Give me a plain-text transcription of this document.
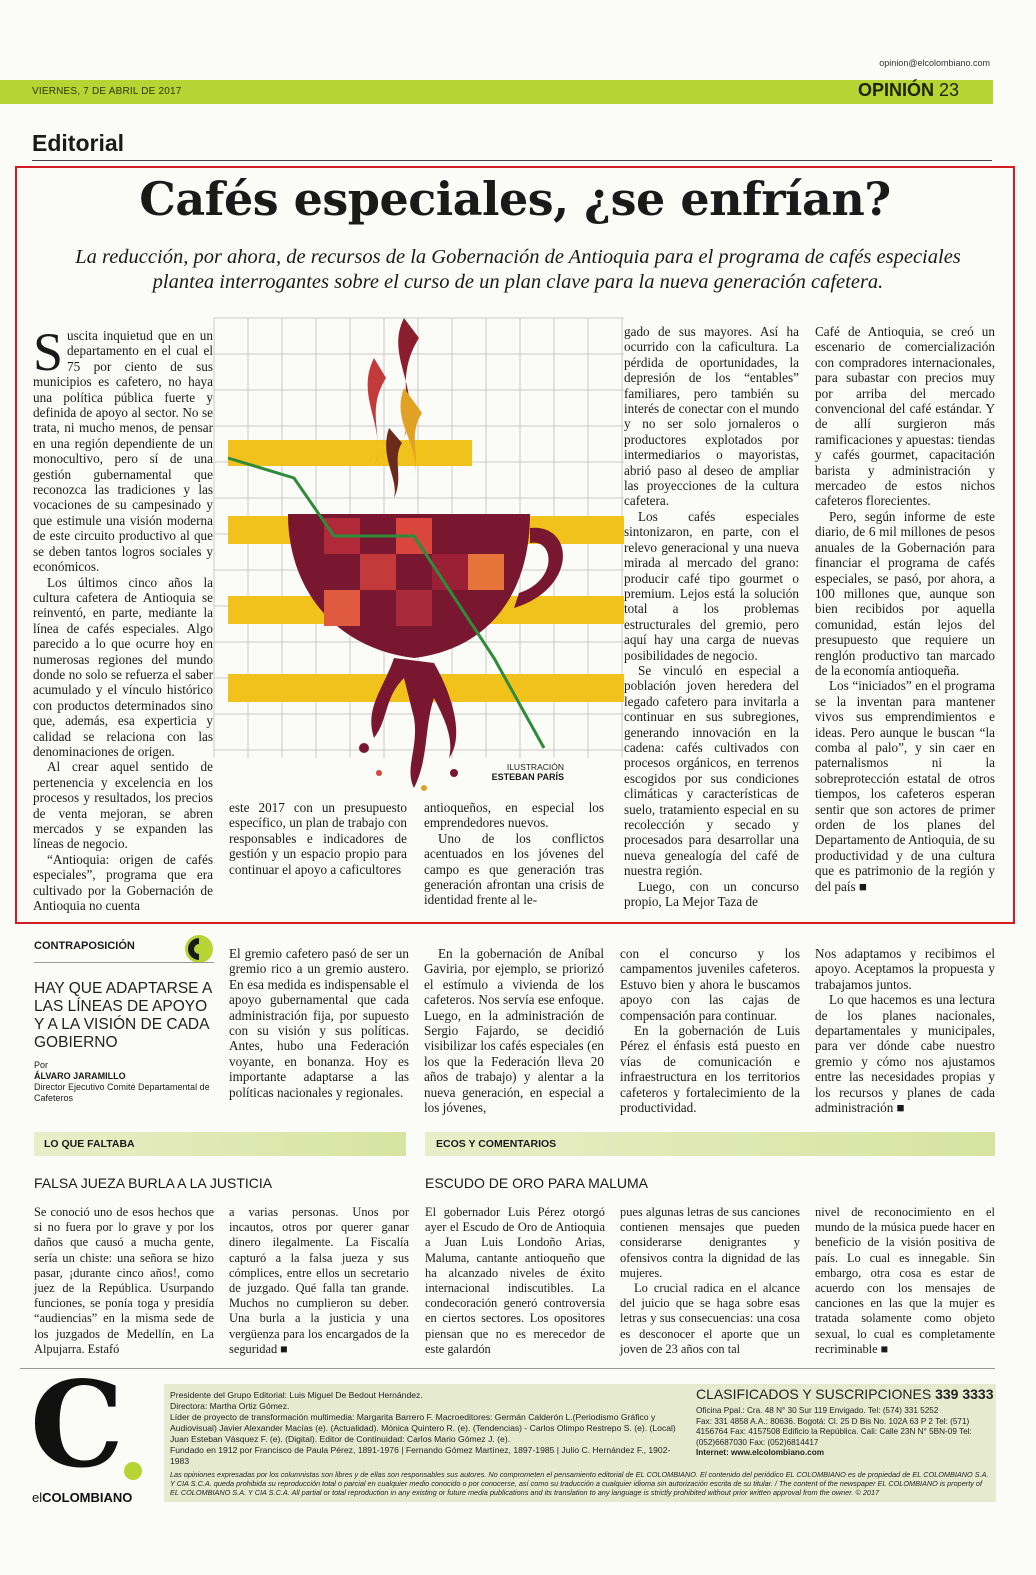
opinion@elcolombiano.com
VIERNES, 7 DE ABRIL DE 2017	OPINIÓN 23
Editorial
Cafés especiales, ¿se enfrían?
La reducción, por ahora, de recursos de la Gobernación de Antioquia para el programa de cafés especiales plantea interrogantes sobre el curso de un plan clave para la nueva generación cafetera.
ILUSTRACIÓN
ESTEBAN PARÍS

Suscita inquietud que en un departamento en el cual el 75 por ciento de sus municipios es cafetero, no haya una política pública fuerte y definida de apoyo al sector. No se trata, ni mucho menos, de pensar en una región dependiente de un monocultivo, pero sí de una gestión gubernamental que reconozca las tradiciones y las vocaciones de su campesinado y que estimule una visión moderna de este circuito productivo al que se deben tantos logros sociales y económicos.

Los últimos cinco años la cultura cafetera de Antioquia se reinventó, en parte, mediante la línea de cafés especiales. Algo parecido a lo que ocurre hoy en numerosas regiones del mundo donde no solo se refuerza el saber acumulado y el vínculo histórico con productos determinados sino que, además, esa experticia y calidad se relaciona con las denominaciones de origen.

Al crear aquel sentido de pertenencia y excelencia en los procesos y resultados, los precios de venta mejoran, se abren mercados y se expanden las líneas de negocio.

“Antioquia: origen de cafés especiales”, programa que era cultivado por la Gobernación de Antioquia no cuenta

este 2017 con un presupuesto específico, un plan de trabajo con responsables e indicadores de gestión y un espacio propio para continuar el apoyo a caficultores

antioqueños, en especial los emprendedores nuevos.

Uno de los conflictos acentuados en los jóvenes del campo es que generación tras generación afrontan una crisis de identidad frente al le-

gado de sus mayores. Así ha ocurrido con la caficultura. La pérdida de oportunidades, la depresión de los “entables” familiares, pero también su interés de conectar con el mundo y no ser solo jornaleros o productores explotados por intermediarios o mayoristas, abrió paso al deseo de ampliar las proyecciones de la cultura cafetera.

Los cafés especiales sintonizaron, en parte, con el relevo generacional y una nueva mirada al mercado del grano: producir café tipo gourmet o premium. Lejos está la solución total a los problemas estructurales del gremio, pero aquí hay una carga de nuevas posibilidades de negocio.

Se vinculó en especial a población joven heredera del legado cafetero para invitarla a continuar en sus subregiones, generando innovación en la cadena: cafés cultivados con procesos orgánicos, en terrenos escogidos por sus condiciones climáticas y características de suelo, tratamiento especial en su recolección y secado y procesados para desarrollar una nueva genealogía del café de nuestra región.

Luego, con un concurso propio, La Mejor Taza de

Café de Antioquia, se creó un escenario de comercialización con compradores internacionales, para subastar con precios muy por arriba del mercado convencional del café estándar. Y de allí surgieron más ramificaciones y apuestas: tiendas y cafés gourmet, capacitación barista y administración y mercadeo de estos nichos cafeteros florecientes.

Pero, según informe de este diario, de 6 mil millones de pesos anuales de la Gobernación para financiar el programa de cafés especiales, se pasó, por ahora, a 100 millones que, aunque son bien recibidos por aquella comunidad, están lejos del presupuesto que requiere un renglón productivo tan marcado de la economía antioqueña.

Los “iniciados” en el programa se la inventan para mantener vivos sus emprendimientos e ideas. Pero aunque le buscan “la comba al palo”, y sin caer en paternalismos ni la sobreprotección estatal de otros tiempos, los cafeteros esperan sentir que son actores de primer orden de los planes del Departamento de Antioquia, de su productividad y de una cultura que es patrimonio de la región y del país ■

CONTRAPOSICIÓN
HAY QUE ADAPTARSE A LAS LÍNEAS DE APOYO Y A LA VISIÓN DE CADA GOBIERNO
Por
ÁLVARO JARAMILLO
Director Ejecutivo Comité Departamental de Cafeteros

El gremio cafetero pasó de ser un gremio rico a un gremio austero. En esa medida es indispensable el apoyo gubernamental que cada administración fija, por supuesto con su visión y sus políticas. Antes, hubo una Federación voyante, en bonanza. Hoy es importante adaptarse a las políticas nacionales y regionales.

En la gobernación de Aníbal Gaviria, por ejemplo, se priorizó el estímulo a vivienda de los cafeteros. Nos servía ese enfoque. Luego, en la administración de Sergio Fajardo, se decidió visibilizar los cafés especiales (en los que la Federación lleva 20 años de trabajo) y alentar a la nueva generación, en especial a los jóvenes,

con el concurso y los campamentos juveniles cafeteros. Estuvo bien y ahora le buscamos apoyo con las cajas de compensación para continuar.

En la gobernación de Luis Pérez el énfasis está puesto en vías de comunicación e infraestructura en los territorios cafeteros y fortalecimiento de la productividad.

Nos adaptamos y recibimos el apoyo. Aceptamos la propuesta y trabajamos juntos.

Lo que hacemos es una lectura de los planes nacionales, departamentales y municipales, para ver dónde cabe nuestro gremio y cómo nos ajustamos entre las necesidades propias y los recursos y planes de cada administración ■

LO QUE FALTABA
FALSA JUEZA BURLA A LA JUSTICIA

Se conoció uno de esos hechos que si no fuera por lo grave y por los daños que causó a mucha gente, sería un chiste: una señora se hizo pasar, ¡durante cinco años!, como juez de la República. Usurpando funciones, se ponía toga y presidía “audiencias” en la misma sede de los juzgados de Medellín, en La Alpujarra. Estafó

a varias personas. Unos por incautos, otros por querer ganar dinero ilegalmente. La Fiscalía capturó a la falsa jueza y sus cómplices, entre ellos un secretario de juzgado. Qué falla tan grande. Muchos no cumplieron su deber. Una burla a la justicia y una vergüenza para los encargados de la seguridad ■

ECOS Y COMENTARIOS
ESCUDO DE ORO PARA MALUMA

El gobernador Luis Pérez otorgó ayer el Escudo de Oro de Antioquia a Juan Luis Londoño Arias, Maluma, cantante antioqueño que ha alcanzado niveles de éxito internacional indiscutibles. La condecoración generó controversia en ciertos sectores. Los opositores piensan que no es merecedor de este galardón

pues algunas letras de sus canciones contienen mensajes que pueden considerarse denigrantes y ofensivos contra la dignidad de las mujeres.

Lo crucial radica en el alcance del juicio que se haga sobre esas letras y sus consecuencias: una cosa es desconocer el aporte que un joven de 23 años con tal

nivel de reconocimiento en el mundo de la música puede hacer en beneficio de la visión positiva de país. Lo cual es innegable. Sin embargo, otra cosa es estar de acuerdo con los mensajes de canciones en las que la mujer es tratada solamente como objeto sexual, lo cual es completamente recriminable ■

C
elCOLOMBIANO
Presidente del Grupo Editorial: Luis Miguel De Bedout Hernández.
Directora: Martha Ortiz Gómez.
Líder de proyecto de transformación multimedia: Margarita Barrero F. Macroeditores: Germán Calderón L.(Periodismo Gráfico y
Audiovisual) Javier Alexander Macías (e). (Actualidad). Mónica Quintero R. (e). (Tendencias) - Carlos Olimpo Restrepo S. (e). (Local)
Juan Esteban Vásquez F. (e). (Digital). Editor de Continuidad: Carlos Mario Gómez J. (e).
Fundado en 1912 por Francisco de Paula Pérez, 1891-1976 | Fernando Gómez Martínez, 1897-1985 | Julio C. Hernández F., 1902-1983
CLASIFICADOS Y SUSCRIPCIONES 339 3333
Oficina Ppal.: Cra. 48 N° 30 Sur 119 Envigado. Tel: (574) 331 5252
Fax: 331 4858 A.A.: 80636. Bogotá: Cl. 25 D Bis No. 102A 63 P 2 Tel: (571)
4156764 Fax: 4157508 Edificio la República. Cali: Calle 23N N° 5BN-09 Tel:
(052)6687030 Fax: (052)6814417
Internet: www.elcolombiano.com
Las opiniones expresadas por los columnistas son libres y de ellas son responsables sus autores. No comprometen el pensamiento editorial de EL COLOMBIANO. El contenido del periódico EL COLOMBIANO es de propiedad de EL COLOMBIANO S.A. Y CIA S.C.A. queda prohibida su reproducción total o parcial en cualquier medio conocido o por conocerse, así como su traducción a cualquier idioma sin autorización escrita de su titular. / The content of the newspaper EL COLOMBIANO is property of EL COLOMBIANO S.A. Y CIA S.C.A. All partial or total reproduction in any existing or future media publications and its translation to any language is strictly prohibited without prior written approval from the owner. © 2017
